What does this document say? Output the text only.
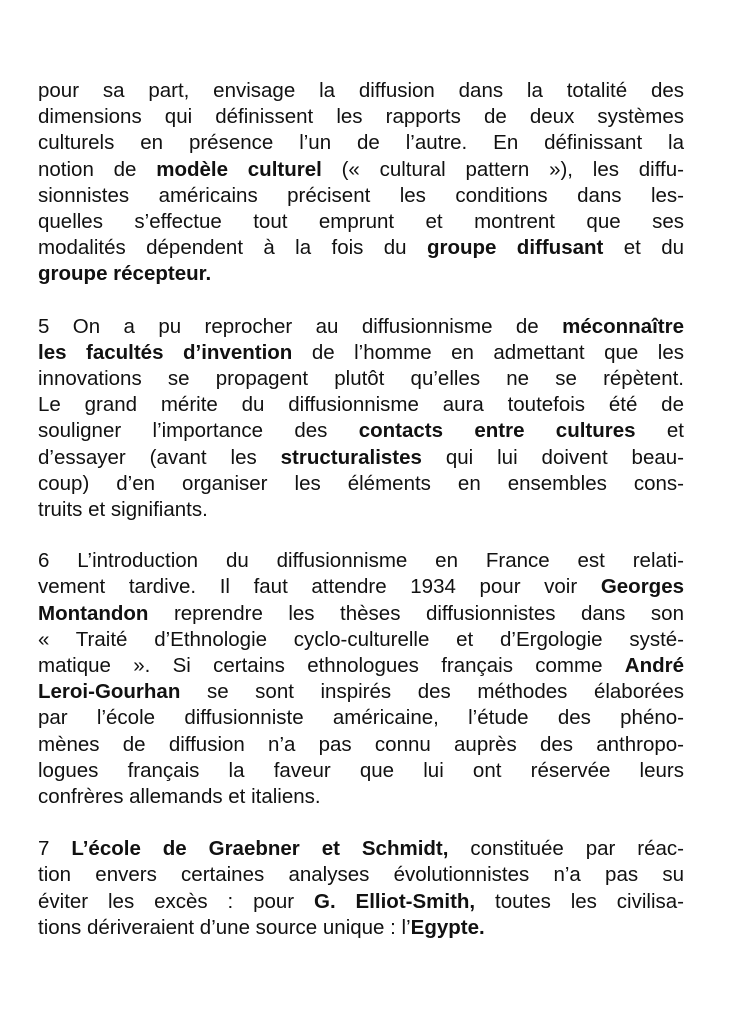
pour sa part, envisage la diffusion dans la totalité des
dimensions qui définissent les rapports de deux systèmes
culturels en présence l’un de l’autre. En définissant la
notion de modèle culturel (« cultural pattern »), les diffu-
sionnistes américains précisent les conditions dans les-
quelles s’effectue tout emprunt et montrent que ses
modalités dépendent à la fois du groupe diffusant et du
groupe récepteur.

5 On a pu reprocher au diffusionnisme de méconnaître
les facultés d’invention de l’homme en admettant que les
innovations se propagent plutôt qu’elles ne se répètent.
Le grand mérite du diffusionnisme aura toutefois été de
souligner l’importance des contacts entre cultures et
d’essayer (avant les structuralistes qui lui doivent beau-
coup) d’en organiser les éléments en ensembles cons-
truits et signifiants.

6 L’introduction du diffusionnisme en France est relati-
vement tardive. Il faut attendre 1934 pour voir Georges
Montandon reprendre les thèses diffusionnistes dans son
« Traité d’Ethnologie cyclo-culturelle et d’Ergologie systé-
matique ». Si certains ethnologues français comme André
Leroi-Gourhan se sont inspirés des méthodes élaborées
par l’école diffusionniste américaine, l’étude des phéno-
mènes de diffusion n’a pas connu auprès des anthropo-
logues français la faveur que lui ont réservée leurs
confrères allemands et italiens.

7 L’école de Graebner et Schmidt, constituée par réac-
tion envers certaines analyses évolutionnistes n’a pas su
éviter les excès : pour G. Elliot-Smith, toutes les civilisa-
tions dériveraient d’une source unique : l’Egypte.
